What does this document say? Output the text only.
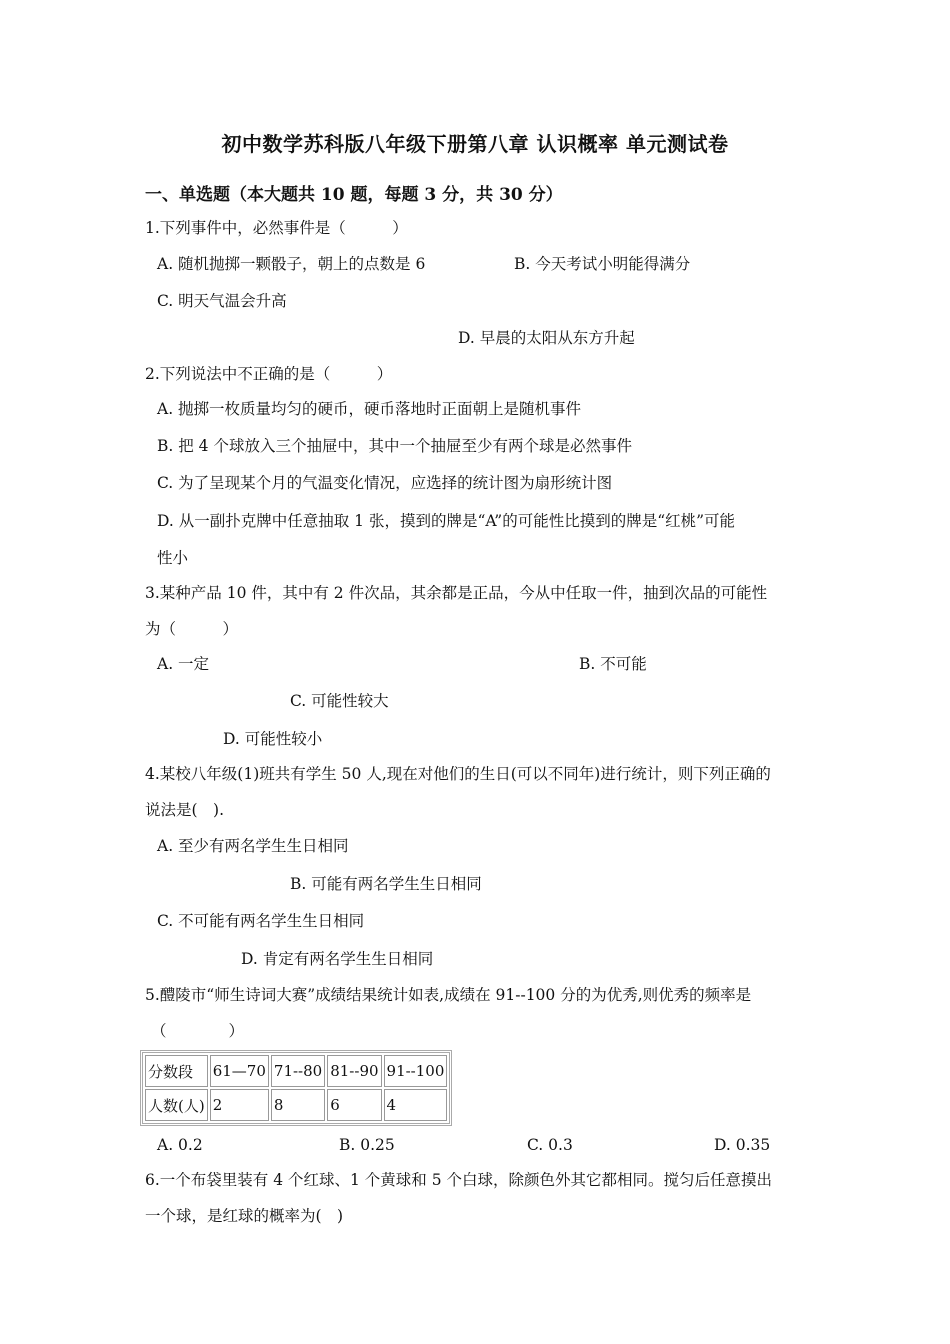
初中数学苏科版八年级下册第八章 认识概率 单元测试卷
一、单选题（本大题共 10 题，每题 3 分，共 30 分）
1.下列事件中，必然事件是（　　　）
A. 随机抛掷一颗骰子，朝上的点数是 6	B. 今天考试小明能得满分
C. 明天气温会升高
D. 早晨的太阳从东方升起
2.下列说法中不正确的是（　　　）
A. 抛掷一枚质量均匀的硬币，硬币落地时正面朝上是随机事件
B. 把 4 个球放入三个抽屉中，其中一个抽屉至少有两个球是必然事件
C. 为了呈现某个月的气温变化情况，应选择的统计图为扇形统计图
D. 从一副扑克牌中任意抽取 1 张，摸到的牌是“A”的可能性比摸到的牌是“红桃”可能
性小
3.某种产品 10 件，其中有 2 件次品，其余都是正品，今从中任取一件，抽到次品的可能性
为（　　　）
A. 一定	B. 不可能
C. 可能性较大
D. 可能性较小
4.某校八年级(1)班共有学生 50 人,现在对他们的生日(可以不同年)进行统计，则下列正确的
说法是(　).
A. 至少有两名学生生日相同
B. 可能有两名学生生日相同
C. 不可能有两名学生生日相同
D. 肯定有两名学生生日相同
5.醴陵市“师生诗词大赛”成绩结果统计如表,成绩在 91--100 分的为优秀,则优秀的频率是
（　　　　）
分数段	61—70	71--80	81--90	91--100
人数(人)	2	8	6	4
A. 0.2	B. 0.25	C. 0.3	D. 0.35
6.一个布袋里装有 4 个红球、1 个黄球和 5 个白球，除颜色外其它都相同。搅匀后任意摸出
一个球，是红球的概率为(　)
